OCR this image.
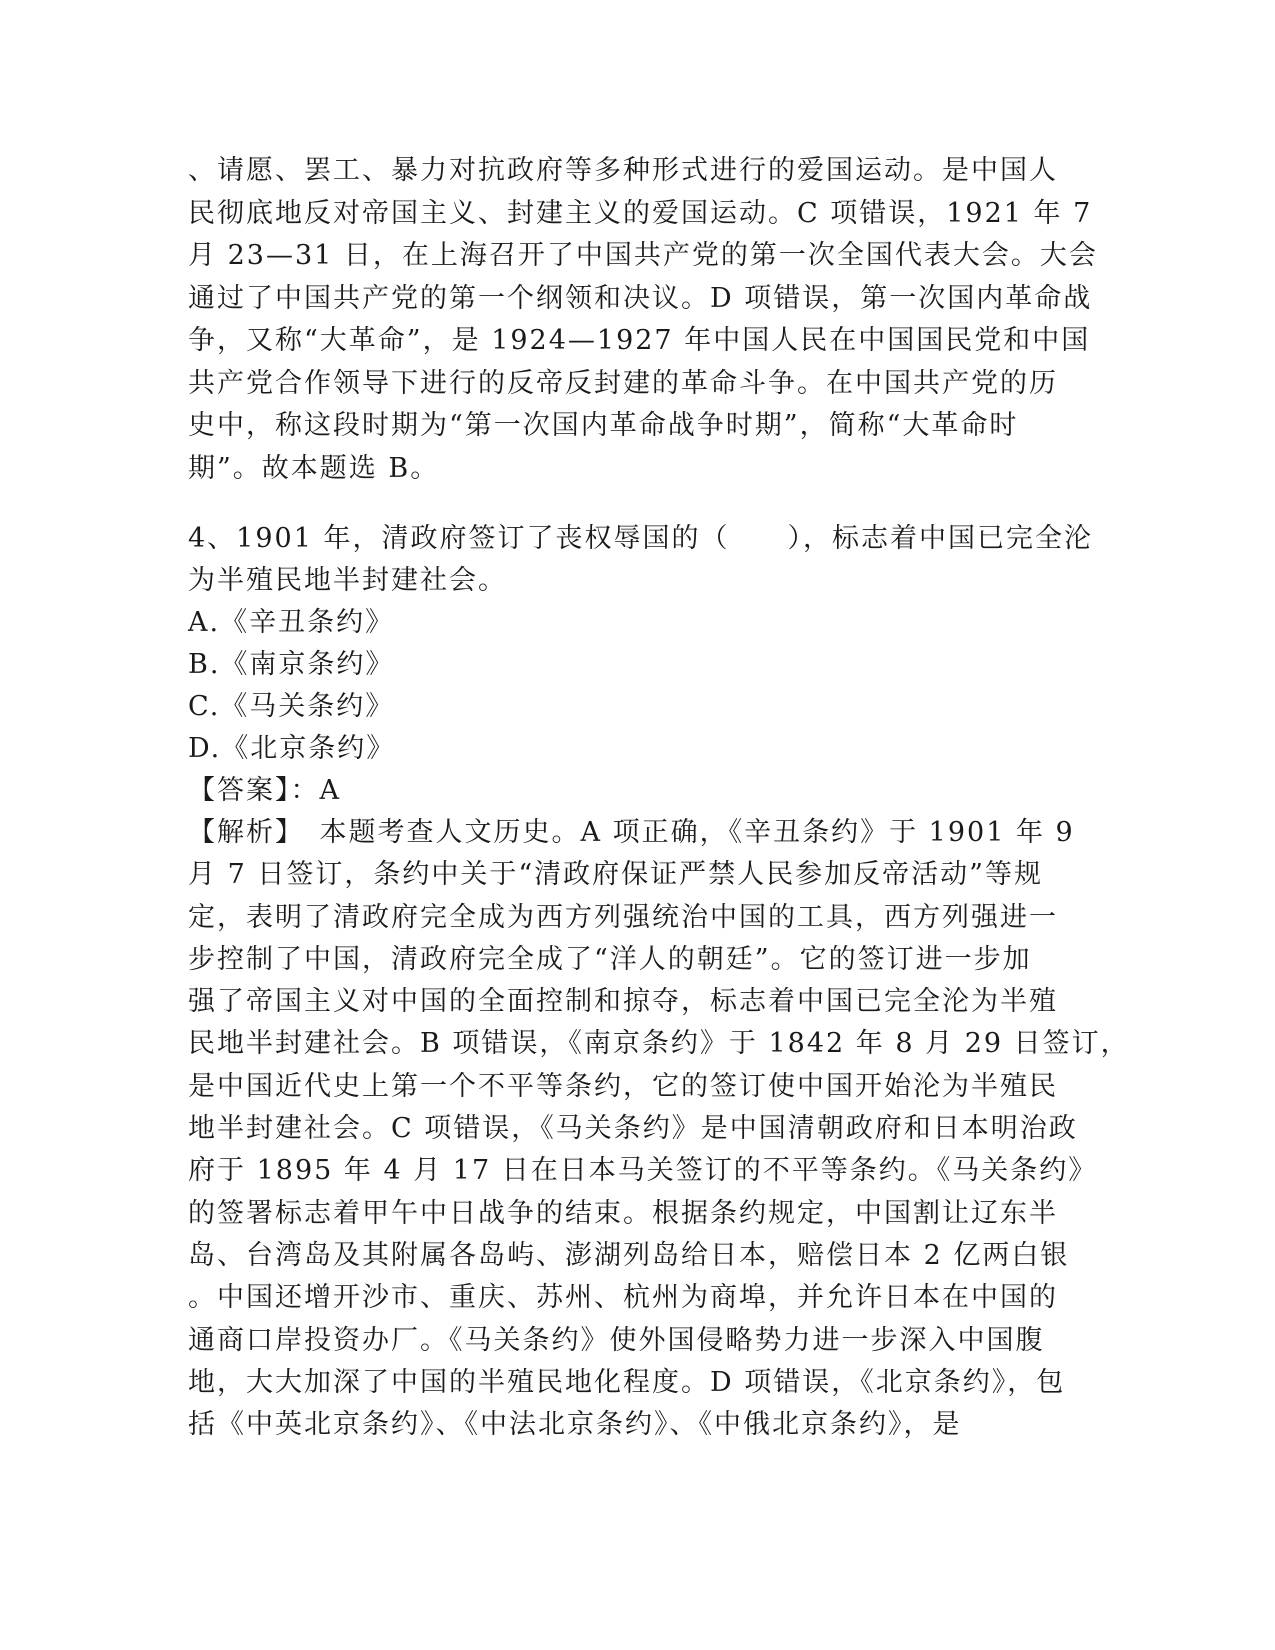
、请愿、罢工、暴力对抗政府等多种形式进行的爱国运动。是中国人
民彻底地反对帝国主义、封建主义的爱国运动。C 项错误，1921 年 7
月 23—31 日，在上海召开了中国共产党的第一次全国代表大会。大会
通过了中国共产党的第一个纲领和决议。D 项错误，第一次国内革命战
争，又称“大革命”，是 1924—1927 年中国人民在中国国民党和中国
共产党合作领导下进行的反帝反封建的革命斗争。在中国共产党的历
史中，称这段时期为“第一次国内革命战争时期”，简称“大革命时
期”。故本题选 B。
4、1901 年，清政府签订了丧权辱国的（　　），标志着中国已完全沦
为半殖民地半封建社会。
A.《辛丑条约》
B.《南京条约》
C.《马关条约》
D.《北京条约》
【答案】：A
【解析】　本题考查人文历史。A 项正确，《辛丑条约》于 1901 年 9
月 7 日签订，条约中关于“清政府保证严禁人民参加反帝活动”等规
定，表明了清政府完全成为西方列强统治中国的工具，西方列强进一
步控制了中国，清政府完全成了“洋人的朝廷”。它的签订进一步加
强了帝国主义对中国的全面控制和掠夺，标志着中国已完全沦为半殖
民地半封建社会。B 项错误，《南京条约》于 1842 年 8 月 29 日签订，
是中国近代史上第一个不平等条约，它的签订使中国开始沦为半殖民
地半封建社会。C 项错误，《马关条约》是中国清朝政府和日本明治政
府于 1895 年 4 月 17 日在日本马关签订的不平等条约。《马关条约》
的签署标志着甲午中日战争的结束。根据条约规定，中国割让辽东半
岛、台湾岛及其附属各岛屿、澎湖列岛给日本，赔偿日本 2 亿两白银
。中国还增开沙市、重庆、苏州、杭州为商埠，并允许日本在中国的
通商口岸投资办厂。《马关条约》使外国侵略势力进一步深入中国腹
地，大大加深了中国的半殖民地化程度。D 项错误，《北京条约》，包
括《中英北京条约》、《中法北京条约》、《中俄北京条约》，是
